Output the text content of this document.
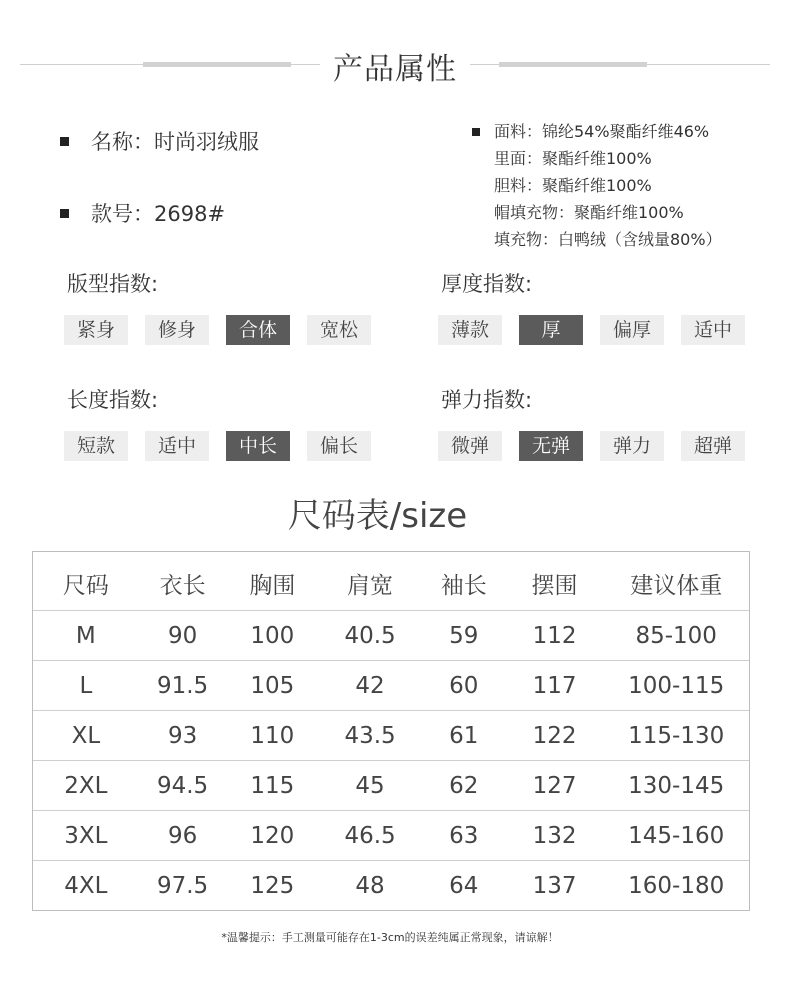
产品属性
名称：时尚羽绒服
款号：2698#
面料：锦纶54%聚酯纤维46%
里面：聚酯纤维100%
胆料：聚酯纤维100%
帽填充物：聚酯纤维100%
填充物：白鸭绒（含绒量80%）
版型指数:
紧身	修身	合体	宽松
厚度指数:
薄款	厚	偏厚	适中
长度指数:
短款	适中	中长	偏长
弹力指数:
微弹	无弹	弹力	超弹
尺码表/size
尺码	衣长	胸围	肩宽	袖长	摆围	建议体重
M	90	100	40.5	59	112	85-100
L	91.5	105	42	60	117	100-115
XL	93	110	43.5	61	122	115-130
2XL	94.5	115	45	62	127	130-145
3XL	96	120	46.5	63	132	145-160
4XL	97.5	125	48	64	137	160-180
*温馨提示：手工测量可能存在1-3cm的误差纯属正常现象，请谅解！
